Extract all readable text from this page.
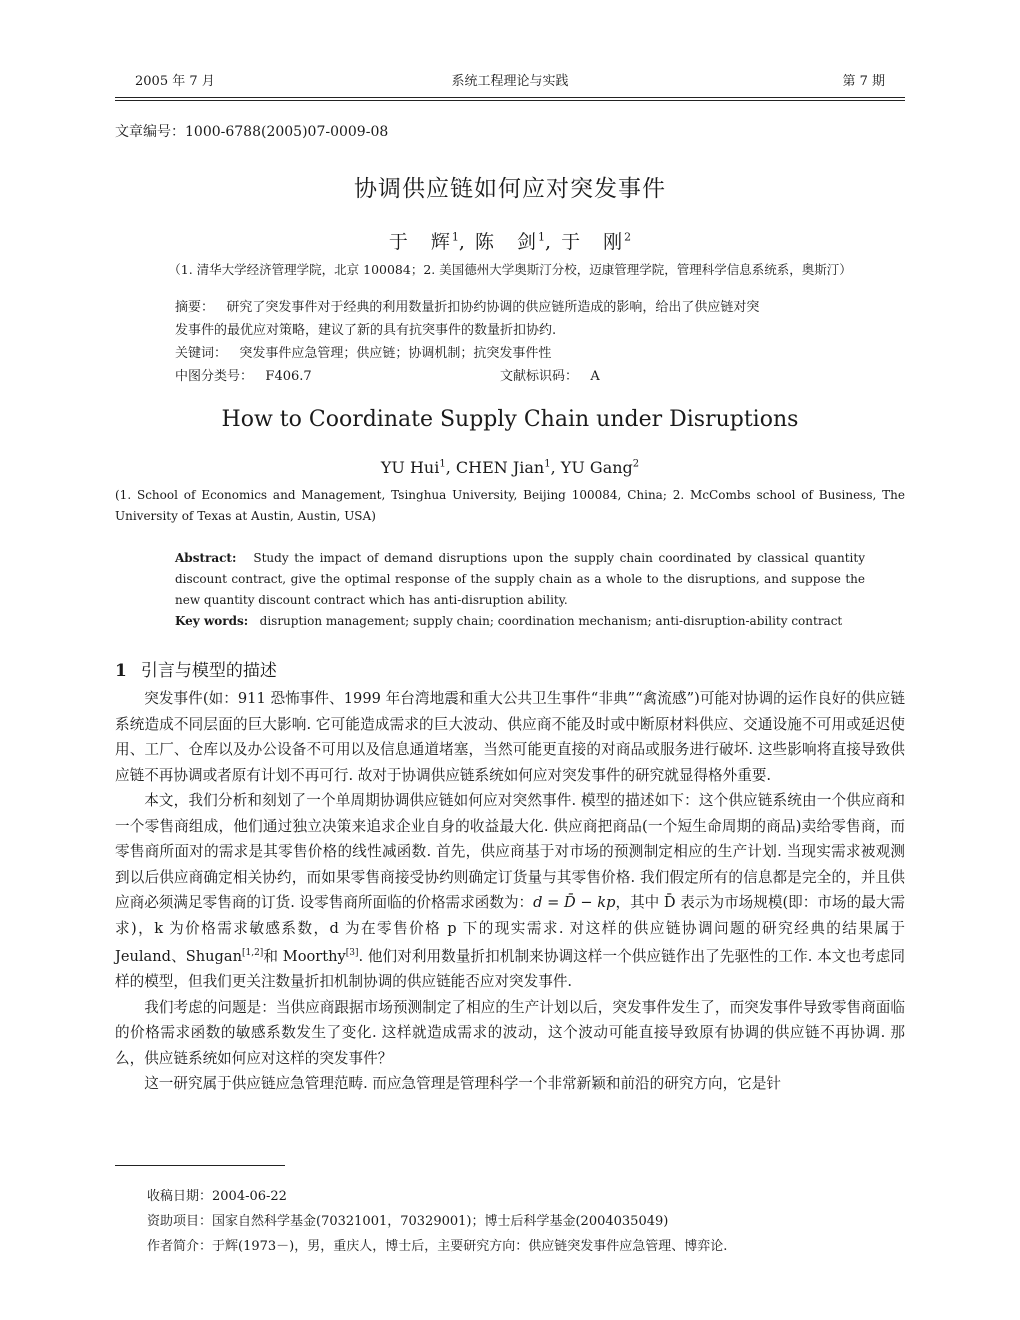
2005 年 7 月	系统工程理论与实践	第 7 期
文章编号：1000-6788(2005)07-0009-08
协调供应链如何应对突发事件
于　辉$^1$, 陈　剑$^1$, 于　刚$^2$
（1. 清华大学经济管理学院，北京 100084；2. 美国德州大学奥斯汀分校，迈康管理学院，管理科学信息系统系，奥斯汀）
摘要： 研究了突发事件对于经典的利用数量折扣协约协调的供应链所造成的影响，给出了供应链对突
发事件的最优应对策略，建议了新的具有抗突事件的数量折扣协约.
关键词： 突发事件应急管理；供应链；协调机制；抗突发事件性
中图分类号： F406.7	文献标识码： A
How to Coordinate Supply Chain under Disruptions
YU Hui$^1$, CHEN Jian$^1$, YU Gang$^2$
(1. School of Economics and Management, Tsinghua University, Beijing 100084, China; 2. McCombs school of Business, The University of Texas at Austin, Austin, USA)
Abstract: Study the impact of demand disruptions upon the supply chain coordinated by classical quantity discount contract, give the optimal response of the supply chain as a whole to the disruptions, and suppose the new quantity discount contract which has anti-disruption ability.
Key words: disruption management; supply chain; coordination mechanism; anti-disruption-ability contract
1 引言与模型的描述

突发事件(如：911 恐怖事件、1999 年台湾地震和重大公共卫生事件“非典”“禽流感”)可能对协调的运作良好的供应链系统造成不同层面的巨大影响. 它可能造成需求的巨大波动、供应商不能及时或中断原材料供应、交通设施不可用或延迟使用、工厂、仓库以及办公设备不可用以及信息通道堵塞，当然可能更直接的对商品或服务进行破坏. 这些影响将直接导致供应链不再协调或者原有计划不再可行. 故对于协调供应链系统如何应对突发事件的研究就显得格外重要.

本文，我们分析和刻划了一个单周期协调供应链如何应对突然事件. 模型的描述如下：这个供应链系统由一个供应商和一个零售商组成，他们通过独立决策来追求企业自身的收益最大化. 供应商把商品(一个短生命周期的商品)卖给零售商，而零售商所面对的需求是其零售价格的线性减函数. 首先，供应商基于对市场的预测制定相应的生产计划. 当现实需求被观测到以后供应商确定相关协约，而如果零售商接受协约则确定订货量与其零售价格. 我们假定所有的信息都是完全的，并且供应商必须满足零售商的订货. 设零售商所面临的价格需求函数为：d = D̄ − kp，其中 D̄ 表示为市场规模(即：市场的最大需求)，k 为价格需求敏感系数，d 为在零售价格 p 下的现实需求. 对这样的供应链协调问题的研究经典的结果属于 Jeuland、Shugan[1,2]和 Moorthy[3]. 他们对利用数量折扣机制来协调这样一个供应链作出了先驱性的工作. 本文也考虑同样的模型，但我们更关注数量折扣机制协调的供应链能否应对突发事件.

我们考虑的问题是：当供应商跟据市场预测制定了相应的生产计划以后，突发事件发生了，而突发事件导致零售商面临的价格需求函数的敏感系数发生了变化. 这样就造成需求的波动，这个波动可能直接导致原有协调的供应链不再协调. 那么，供应链系统如何应对这样的突发事件？

这一研究属于供应链应急管理范畴. 而应急管理是管理科学一个非常新颖和前沿的研究方向，它是针

收稿日期：2004-06-22
资助项目：国家自然科学基金(70321001，70329001)；博士后科学基金(2004035049)
作者简介：于辉(1973－)，男，重庆人，博士后，主要研究方向：供应链突发事件应急管理、博弈论.
